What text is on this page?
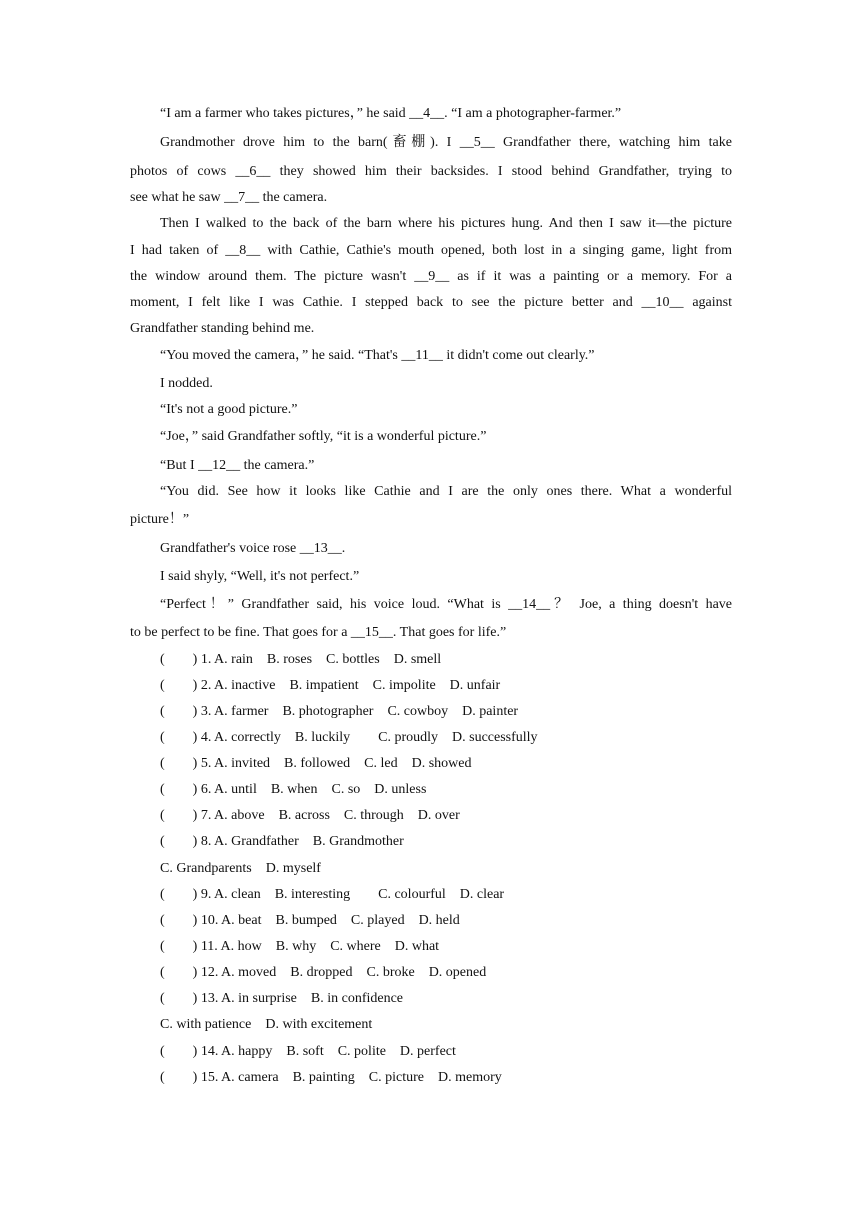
“I am a farmer who takes pictures，” he said __4__. “I am a photographer-farmer.”
Grandmother drove him to the barn(畜棚). I __5__ Grandfather there, watching him take
photos of cows __6__ they showed him their backsides. I stood behind Grandfather, trying to
see what he saw __7__ the camera.
Then I walked to the back of the barn where his pictures hung. And then I saw it—the picture
I had taken of __8__ with Cathie, Cathie's mouth opened, both lost in a singing game, light from
the window around them. The picture wasn't __9__ as if it was a painting or a memory. For a
moment, I felt like I was Cathie. I stepped back to see the picture better and __10__ against
Grandfather standing behind me.
“You moved the camera，” he said. “That's __11__ it didn't come out clearly.”
I nodded.
“It's not a good picture.”
“Joe，” said Grandfather softly, “it is a wonderful picture.”
“But I __12__ the camera.”
“You did. See how it looks like Cathie and I are the only ones there. What a wonderful
picture！”
Grandfather's voice rose __13__.
I said shyly, “Well, it's not perfect.”
“Perfect！” Grandfather said, his voice loud. “What is __14__？ Joe, a thing doesn't have
to be perfect to be fine. That goes for a __15__. That goes for life.”
(　　) 1. A. rain　B. roses　C. bottles　D. smell
(　　) 2. A. inactive　B. impatient　C. impolite　D. unfair
(　　) 3. A. farmer　B. photographer　C. cowboy　D. painter
(　　) 4. A. correctly　B. luckily　　C. proudly　D. successfully
(　　) 5. A. invited　B. followed　C. led　D. showed
(　　) 6. A. until　B. when　C. so　D. unless
(　　) 7. A. above　B. across　C. through　D. over
(　　) 8. A. Grandfather　B. Grandmother
C. Grandparents　D. myself
(　　) 9. A. clean　B. interesting　　C. colourful　D. clear
(　　) 10. A. beat　B. bumped　C. played　D. held
(　　) 11. A. how　B. why　C. where　D. what
(　　) 12. A. moved　B. dropped　C. broke　D. opened
(　　) 13. A. in surprise　B. in confidence
C. with patience　D. with excitement
(　　) 14. A. happy　B. soft　C. polite　D. perfect
(　　) 15. A. camera　B. painting　C. picture　D. memory
